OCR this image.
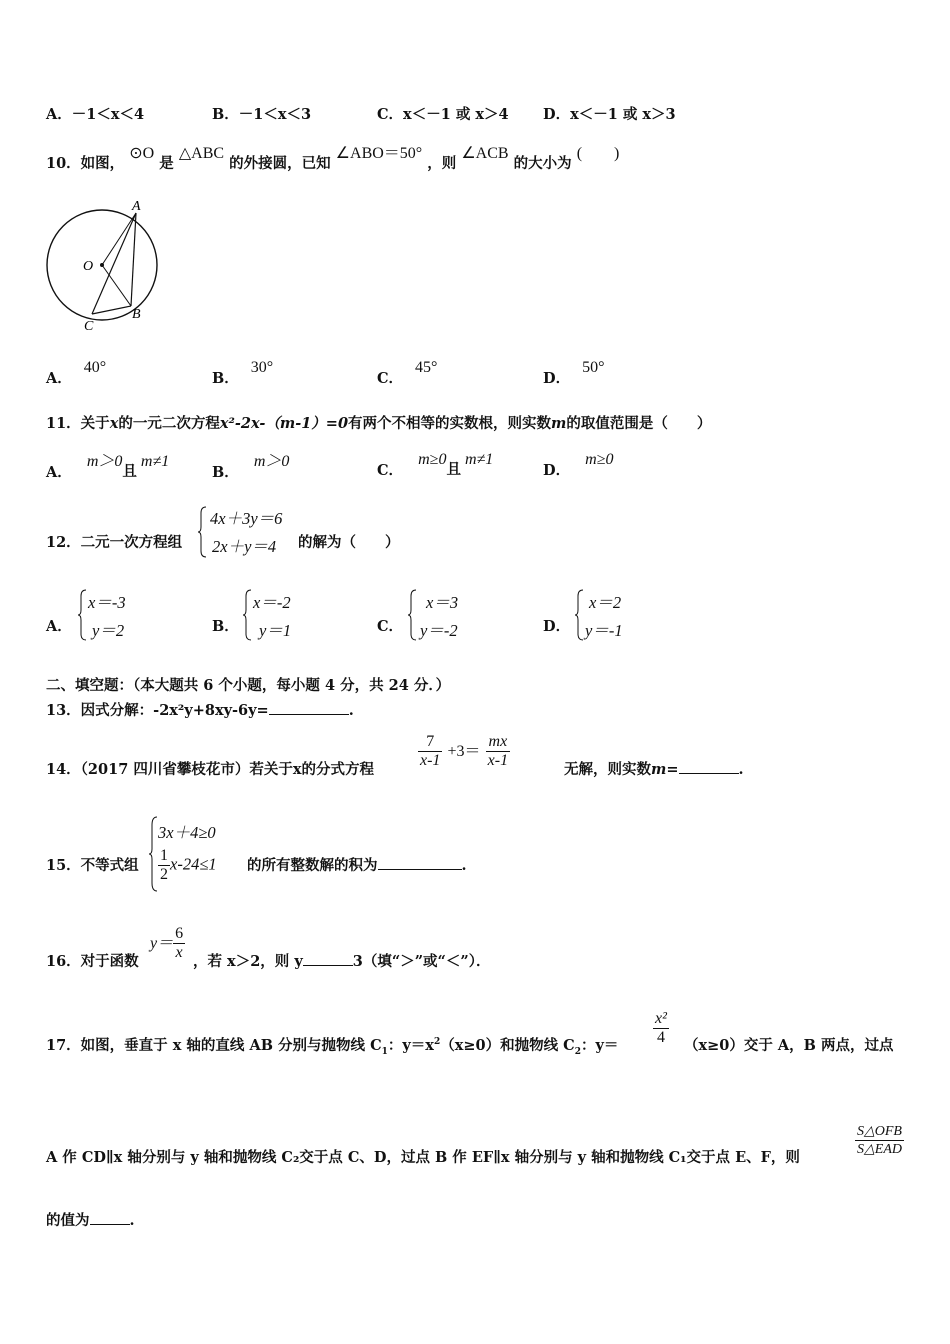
A．－1＜x＜4	B．－1＜x＜3	C．x＜－1 或 x＞4 D．x＜－1 或 x＞3
10．如图， ⊙O 是 △ABC 的外接圆，已知 ∠ABO＝50° ，则 ∠ACB 的大小为 (　　)
A
O
C
B
A．40°
B．30°
C．45°
D．50°
11．关于x的一元二次方程x²-2x-（m-1）=0有两个不相等的实数根，则实数m的取值范围是（　　）
A． m＞0且m≠1
B． m＞0
C． m≥0且m≠1
D． m≥0
12．二元一次方程组
4x＋3y＝6
2x＋y＝4 的解为（　　）
A．
x＝-3
y＝2	B．
x＝-2
y＝1	C．
x＝3
y＝-2	D．
x＝2
y＝-1
二、填空题：（本大题共 6 个小题，每小题 4 分，共 24 分．）
13．因式分解：-2x²y+8xy-6y=	.
14．（2017 四川省攀枝花市）若关于x的分式方程	$\frac{7}{x-1} +3= \frac{mx}{x-1}$	无解，则实数m=	.
15．不等式组
3x＋4≥0
$\frac{1}{2} x-24\le 1$ 的所有整数解的积为	.
16．对于函数
$y= \frac{6}{x}$ ，若 x＞2，则 y	3（填“＞”或“＜”）．
17．如图，垂直于 x 轴的直线 AB 分别与抛物线 $C_1$：$y=x^2(x\ge 0)$和抛物线 $C_2$：$y= \frac{\text{x²}}{4} (x\ge 0)$交于 A，B 两点，过点
A 作 CD∥x 轴分别与 y 轴和抛物线 C₂交于点 C、D，过点 B 作 EF∥x 轴分别与 y 轴和抛物线 C₁交于点 E、F，则	$\frac{\text{S△OFB}}{\text{S△EAD}}$
的值为	.
